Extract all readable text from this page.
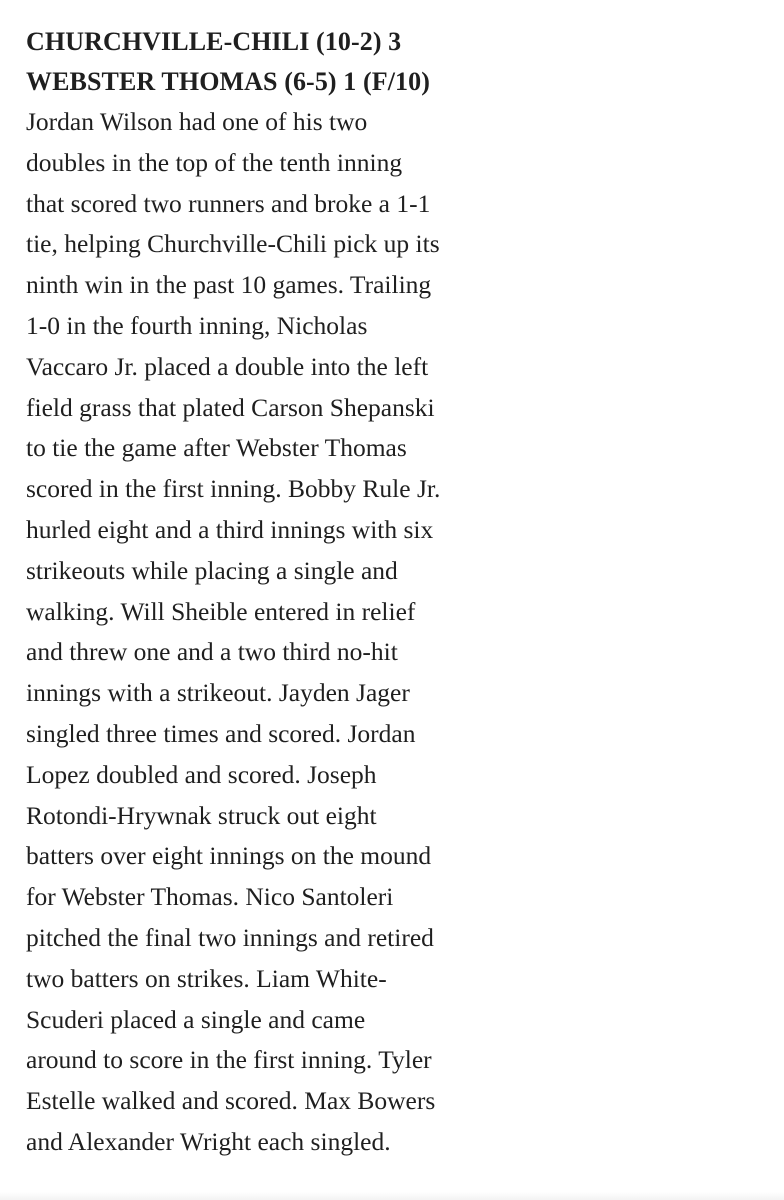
CHURCHVILLE-CHILI (10-2) 3
WEBSTER THOMAS (6-5) 1 (F/10)
Jordan Wilson had one of his two
doubles in the top of the tenth inning
that scored two runners and broke a 1-1
tie, helping Churchville-Chili pick up its
ninth win in the past 10 games. Trailing
1-0 in the fourth inning, Nicholas
Vaccaro Jr. placed a double into the left
field grass that plated Carson Shepanski
to tie the game after Webster Thomas
scored in the first inning. Bobby Rule Jr.
hurled eight and a third innings with six
strikeouts while placing a single and
walking. Will Sheible entered in relief
and threw one and a two third no-hit
innings with a strikeout. Jayden Jager
singled three times and scored. Jordan
Lopez doubled and scored. Joseph
Rotondi-Hrywnak struck out eight
batters over eight innings on the mound
for Webster Thomas. Nico Santoleri
pitched the final two innings and retired
two batters on strikes. Liam White-
Scuderi placed a single and came
around to score in the first inning. Tyler
Estelle walked and scored. Max Bowers
and Alexander Wright each singled.
